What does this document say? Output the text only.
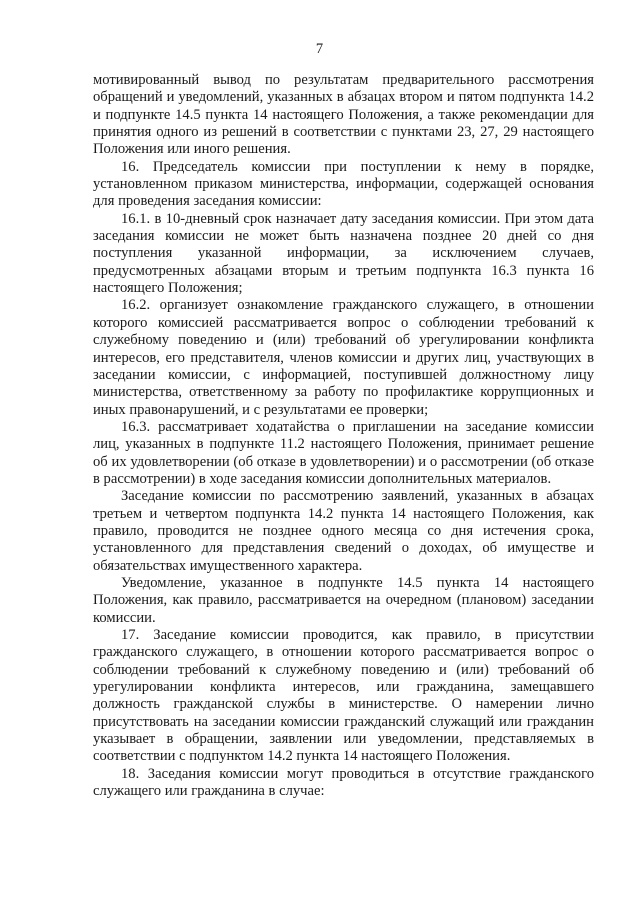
7

мотивированный вывод по результатам предварительного рассмотрения обращений и уведомлений, указанных в абзацах втором и пятом подпункта 14.2 и подпункте 14.5 пункта 14 настоящего Положения, а также рекомендации для принятия одного из решений в соответствии с пунктами 23, 27, 29 настоящего Положения или иного решения.

16. Председатель комиссии при поступлении к нему в порядке, установленном приказом министерства, информации, содержащей основания для проведения заседания комиссии:

16.1. в 10-дневный срок назначает дату заседания комиссии. При этом дата заседания комиссии не может быть назначена позднее 20 дней со дня поступления указанной информации, за исключением случаев, предусмотренных абзацами вторым и третьим подпункта 16.3 пункта 16 настоящего Положения;

16.2. организует ознакомление гражданского служащего, в отношении которого комиссией рассматривается вопрос о соблюдении требований к служебному поведению и (или) требований об урегулировании конфликта интересов, его представителя, членов комиссии и других лиц, участвующих в заседании комиссии, с информацией, поступившей должностному лицу министерства, ответственному за работу по профилактике коррупционных и иных правонарушений, и с результатами ее проверки;

16.3. рассматривает ходатайства о приглашении на заседание комиссии лиц, указанных в подпункте 11.2 настоящего Положения, принимает решение об их удовлетворении (об отказе в удовлетворении) и о рассмотрении (об отказе в рассмотрении) в ходе заседания комиссии дополнительных материалов.

Заседание комиссии по рассмотрению заявлений, указанных в абзацах третьем и четвертом подпункта 14.2 пункта 14 настоящего Положения, как правило, проводится не позднее одного месяца со дня истечения срока, установленного для представления сведений о доходах, об имуществе и обязательствах имущественного характера.

Уведомление, указанное в подпункте 14.5 пункта 14 настоящего Положения, как правило, рассматривается на очередном (плановом) заседании комиссии.

17. Заседание комиссии проводится, как правило, в присутствии гражданского служащего, в отношении которого рассматривается вопрос о соблюдении требований к служебному поведению и (или) требований об урегулировании конфликта интересов, или гражданина, замещавшего должность гражданской службы в министерстве. О намерении лично присутствовать на заседании комиссии гражданский служащий или гражданин указывает в обращении, заявлении или уведомлении, представляемых в соответствии с подпунктом 14.2 пункта 14 настоящего Положения.

18. Заседания комиссии могут проводиться в отсутствие гражданского служащего или гражданина в случае:
